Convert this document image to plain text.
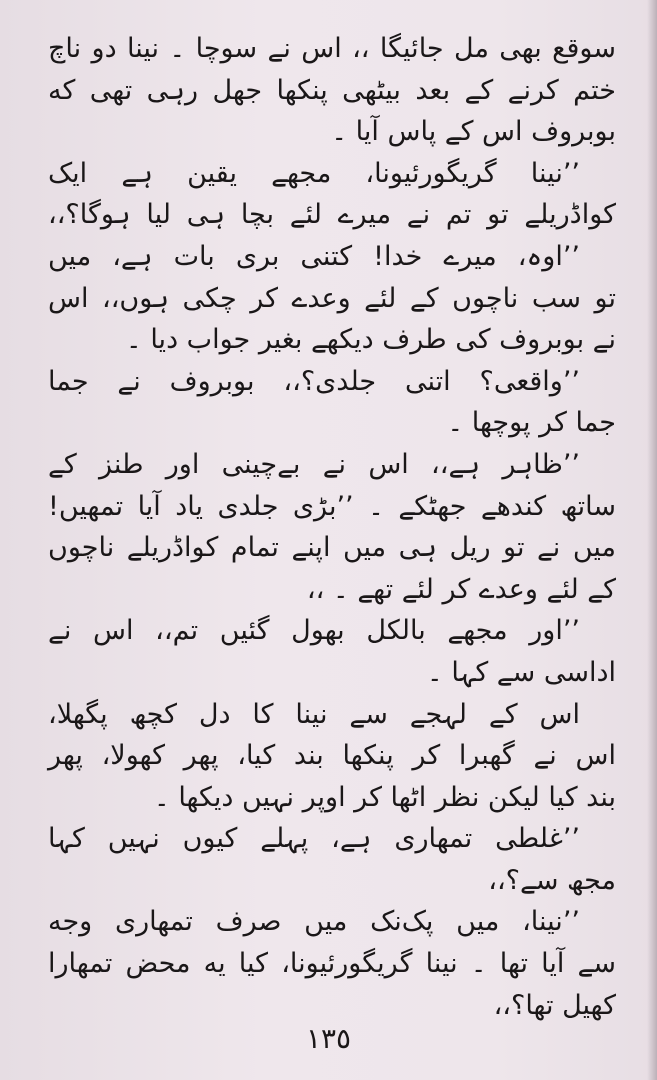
سوقع بھی مل جائیگا ،، اس نے سوچا ۔ نینا دو ناچ
ختم کرنے کے بعد بیٹھی پنکھا جھل رہی تھی که
بوبروف اس کے پاس آیا ۔
’’نینا گریگورئیونا، مجھے یقین ہے ایک
کواڈریلے تو تم نے میرے لئے بچا ہی لیا ہوگا؟،،
’’اوہ، میرے خدا! کتنی بری بات ہے، میں
تو سب ناچوں کے لئے وعدے کر چکی ہوں،، اس
نے بوبروف کی طرف دیکھے بغیر جواب دیا ۔
’’واقعی؟ اتنی جلدی؟،، بوبروف نے جما
جما کر پوچھا ۔
’’ظاہر ہے،، اس نے بےچینی اور طنز کے
ساتھ کندھے جھٹکے ۔ ’’بڑی جلدی یاد آیا تمھیں!
میں نے تو ریل ہی میں اپنے تمام کواڈریلے ناچوں
کے لئے وعدے کر لئے تھے ۔ ،،
’’اور مجھے بالکل بھول گئیں تم،، اس نے
اداسی سے کہا ۔
اس کے لہجے سے نینا کا دل کچھ پگھلا،
اس نے گھبرا کر پنکھا بند کیا، پھر کھولا، پھر
بند کیا لیکن نظر اٹھا کر اوپر نہیں دیکھا ۔
’’غلطی تمھاری ہے، پہلے کیوں نہیں کہا
مجھ سے؟،،
’’نینا، میں پک‌نک میں صرف تمھاری وجه
سے آیا تھا ۔ نینا گریگورئیونا، کیا یه محض تمھارا
کھیل تھا؟،،
١٣٥
